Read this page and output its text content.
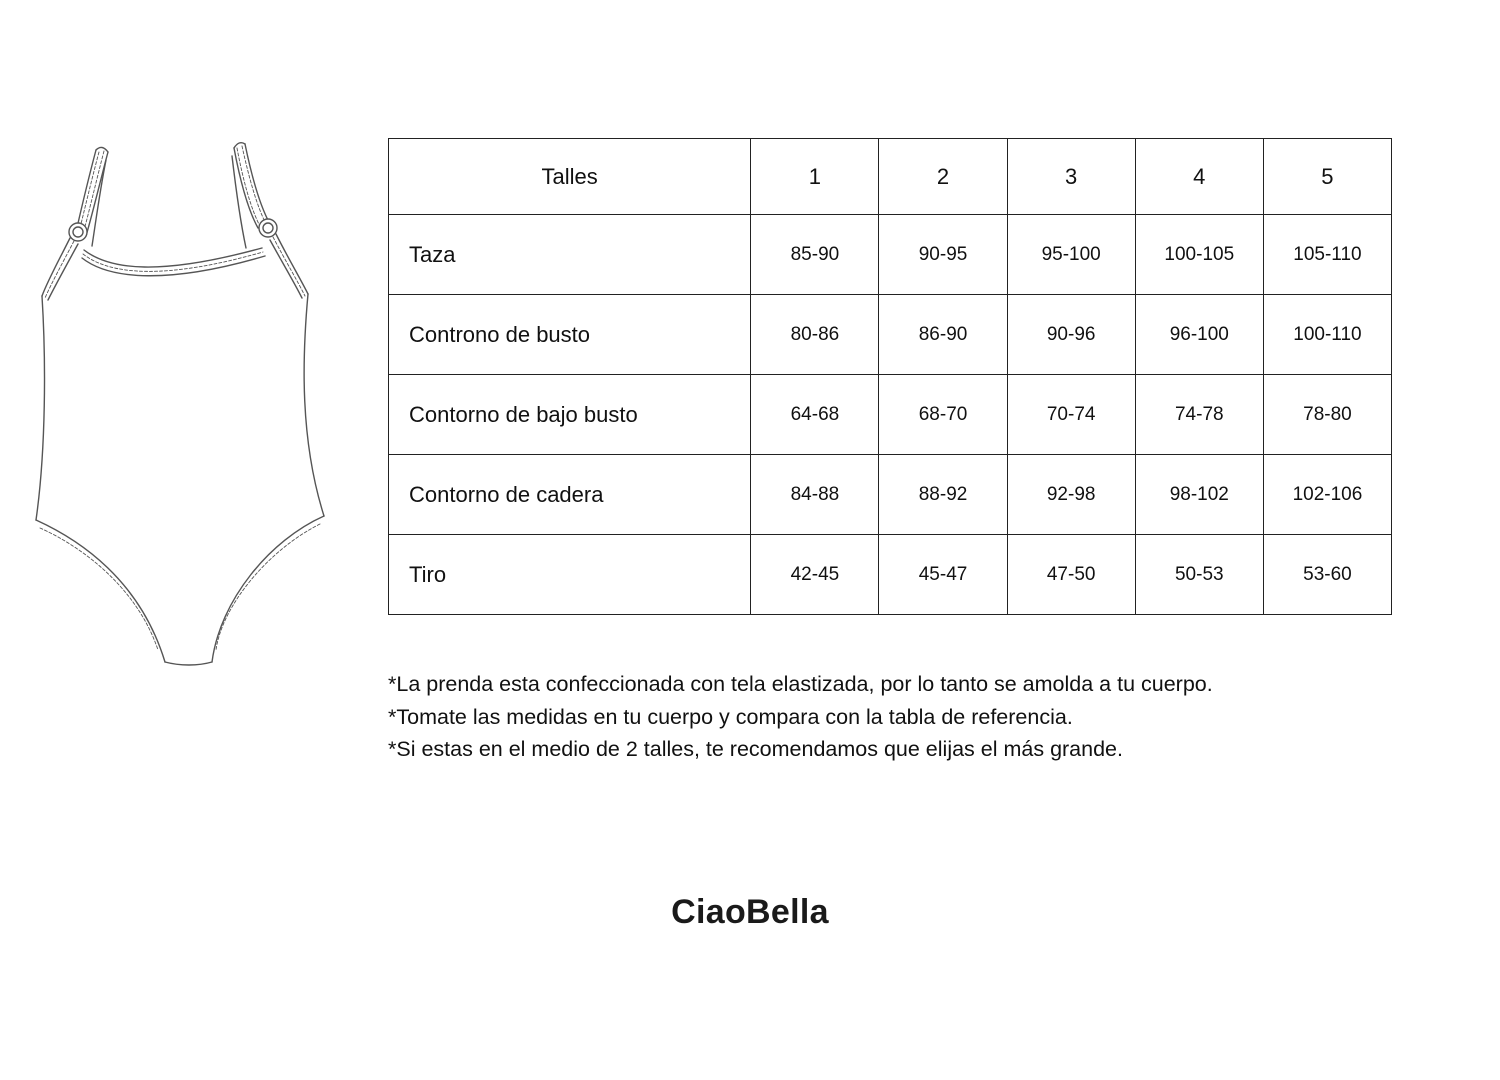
Talles	1	2	3	4	5
Taza	85-90	90-95	95-100	100-105	105-110
Controno de busto	80-86	86-90	90-96	96-100	100-110
Contorno de bajo busto	64-68	68-70	70-74	74-78	78-80
Contorno de cadera	84-88	88-92	92-98	98-102	102-106
Tiro	42-45	45-47	47-50	50-53	53-60

*La prenda esta confeccionada con tela elastizada, por lo tanto se amolda a tu cuerpo.

*Tomate las medidas en tu cuerpo y compara con la tabla de referencia.

*Si estas en el medio de 2 talles, te recomendamos que elijas el más grande.

CiaoBella
